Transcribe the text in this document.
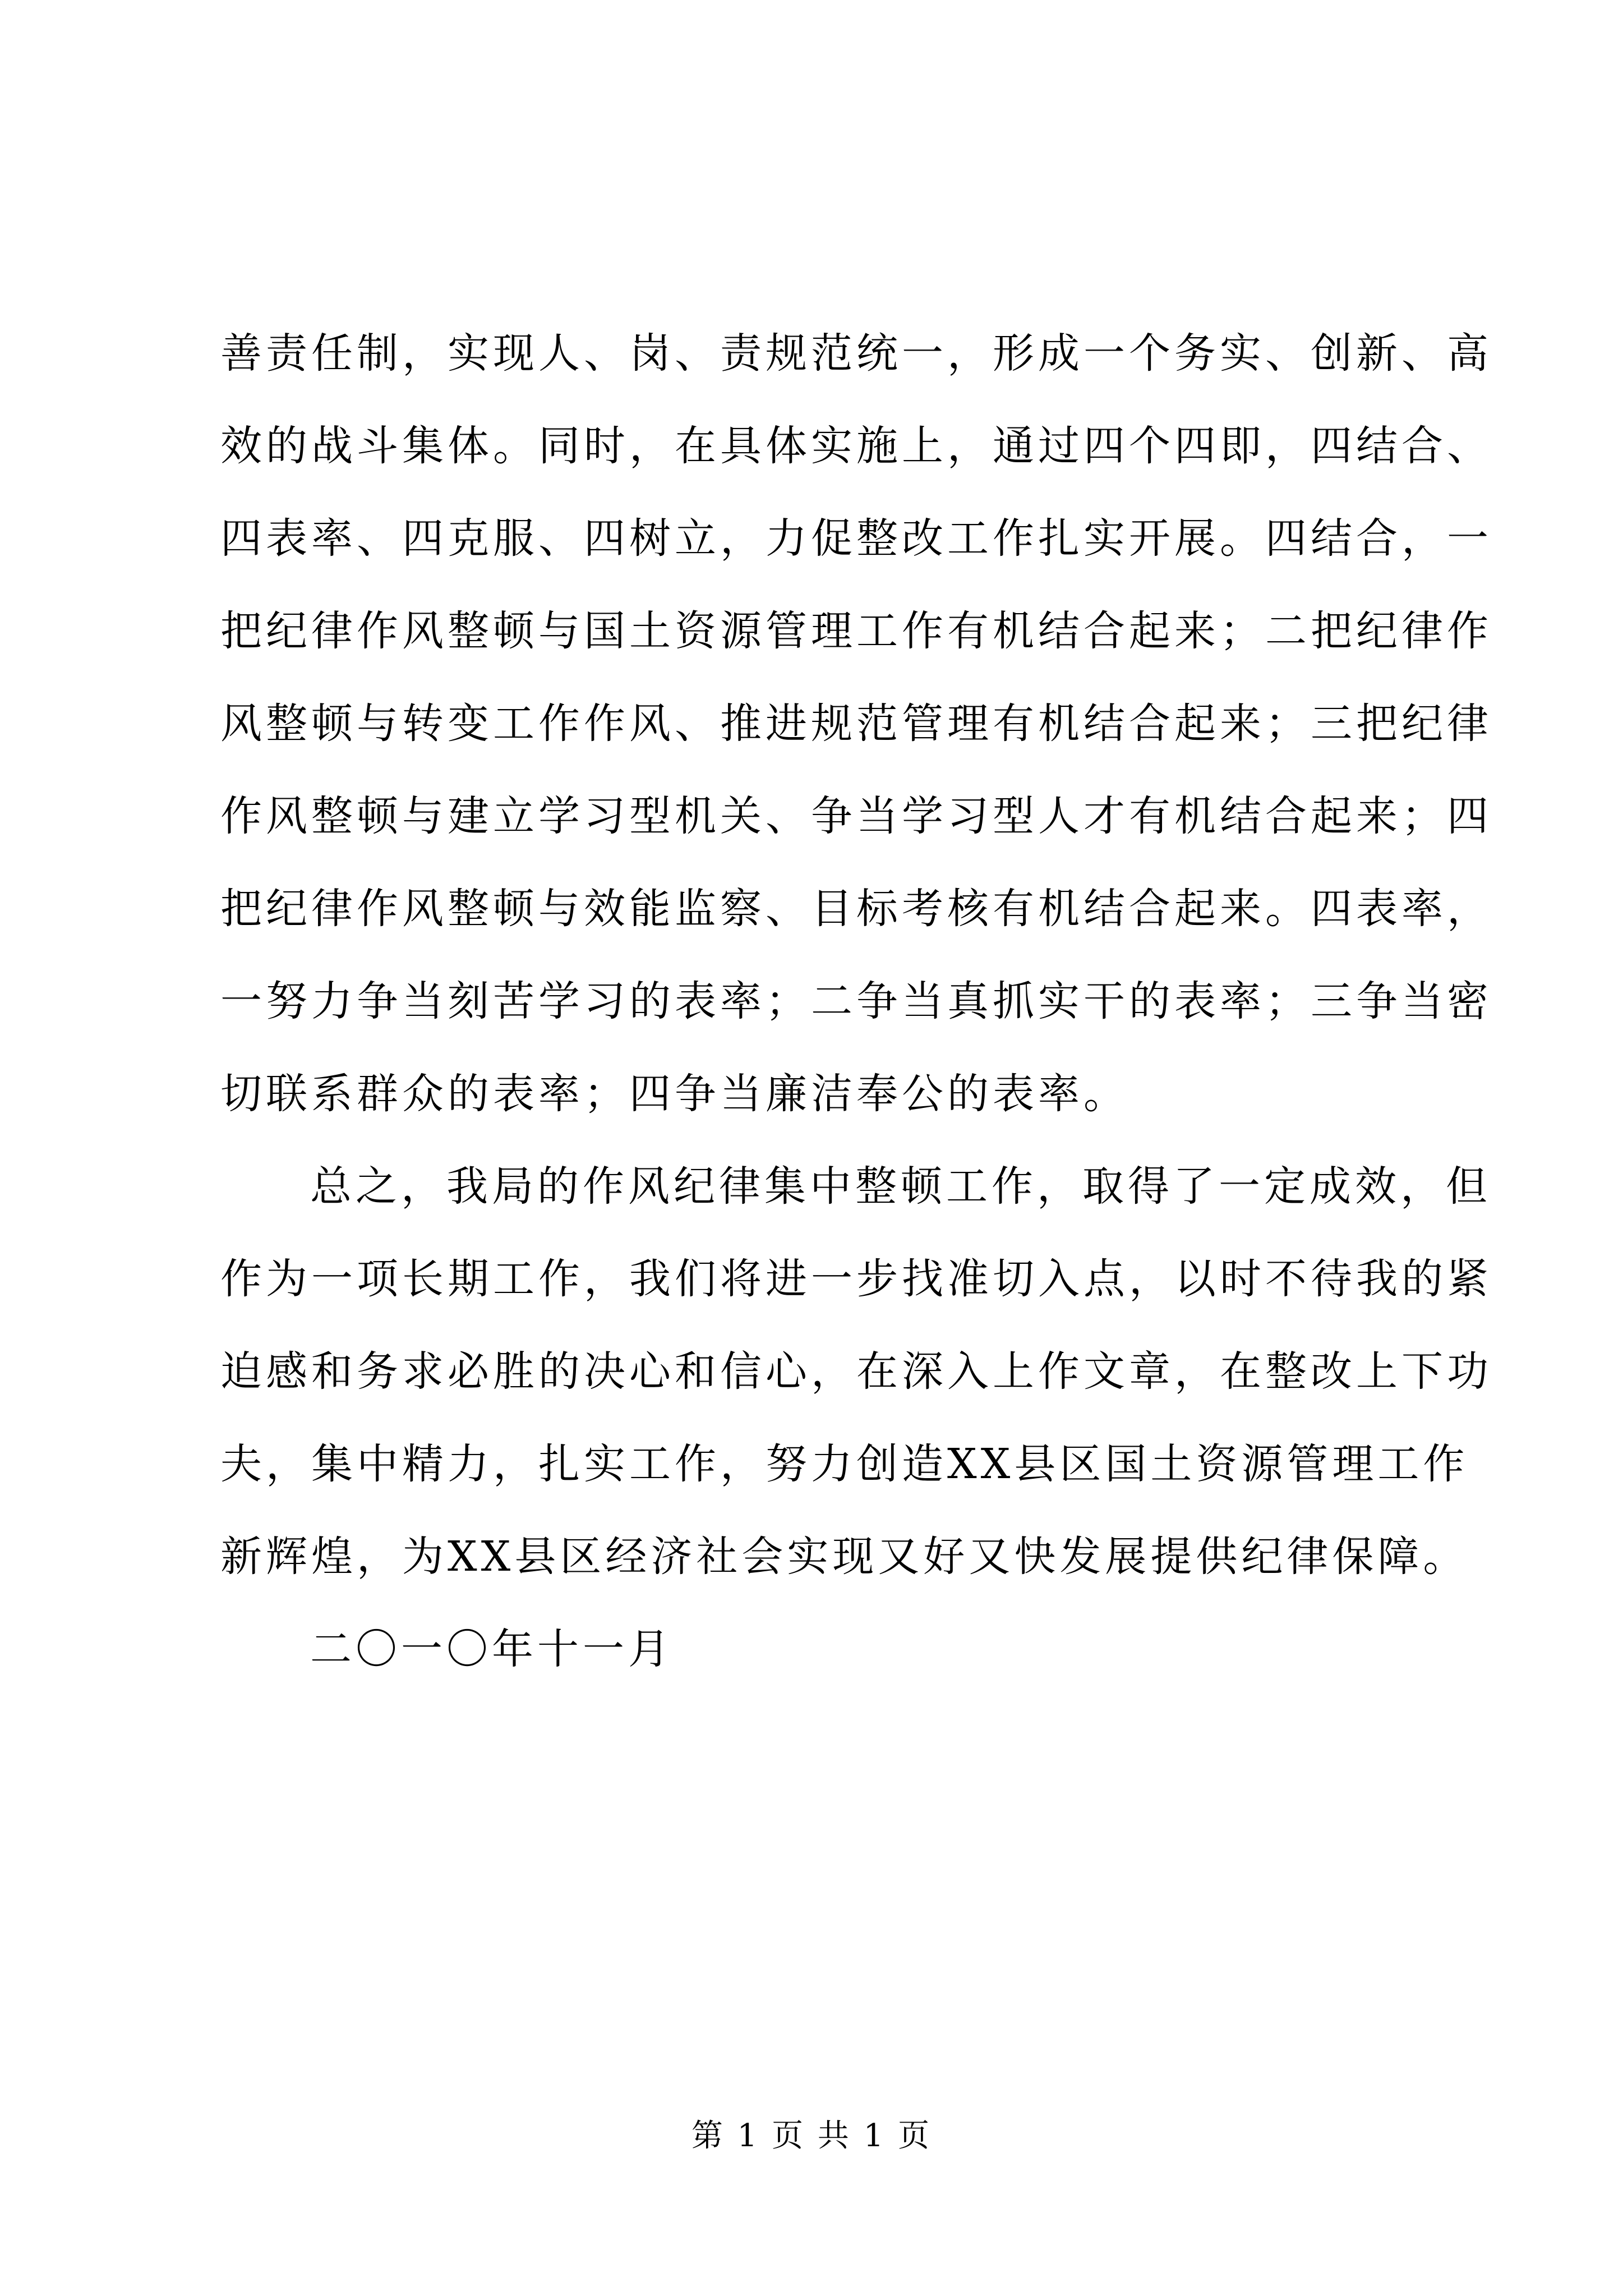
善责任制，实现人、岗、责规范统一，形成一个务实、创新、高
效的战斗集体。同时，在具体实施上，通过四个四即，四结合、
四表率、四克服、四树立，力促整改工作扎实开展。四结合，一
把纪律作风整顿与国土资源管理工作有机结合起来；二把纪律作
风整顿与转变工作作风、推进规范管理有机结合起来；三把纪律
作风整顿与建立学习型机关、争当学习型人才有机结合起来；四
把纪律作风整顿与效能监察、目标考核有机结合起来。四表率，
一努力争当刻苦学习的表率；二争当真抓实干的表率；三争当密
切联系群众的表率；四争当廉洁奉公的表率。

总之，我局的作风纪律集中整顿工作，取得了一定成效，但
作为一项长期工作，我们将进一步找准切入点，以时不待我的紧
迫感和务求必胜的决心和信心，在深入上作文章，在整改上下功
夫，集中精力，扎实工作，努力创造XX县区国土资源管理工作
新辉煌，为XX县区经济社会实现又好又快发展提供纪律保障。

二〇一〇年十一月

第 1 页 共 1 页
